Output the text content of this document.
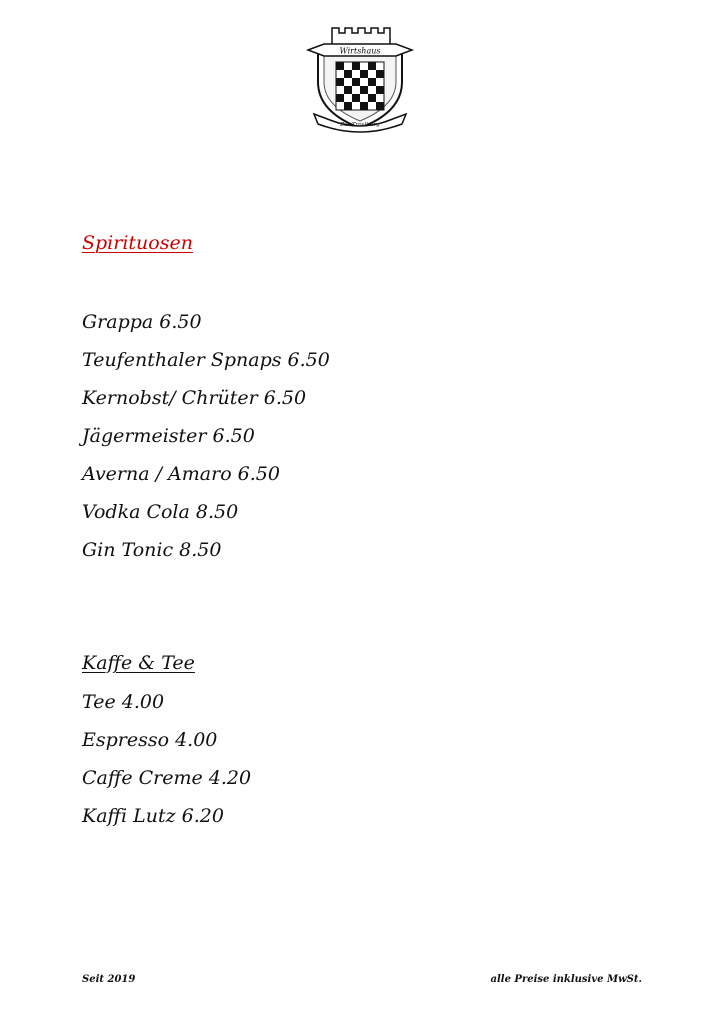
Wirtshaus
Zur Trostburg
Spirituosen
Grappa 6.50
Teufenthaler Spnaps 6.50
Kernobst/ Chrüter 6.50
Jägermeister 6.50
Averna / Amaro 6.50
Vodka Cola 8.50
Gin Tonic 8.50
Kaffe & Tee
Tee 4.00
Espresso 4.00
Caffe Creme 4.20
Kaffi Lutz 6.20
Seit 2019	alle Preise inklusive MwSt.
